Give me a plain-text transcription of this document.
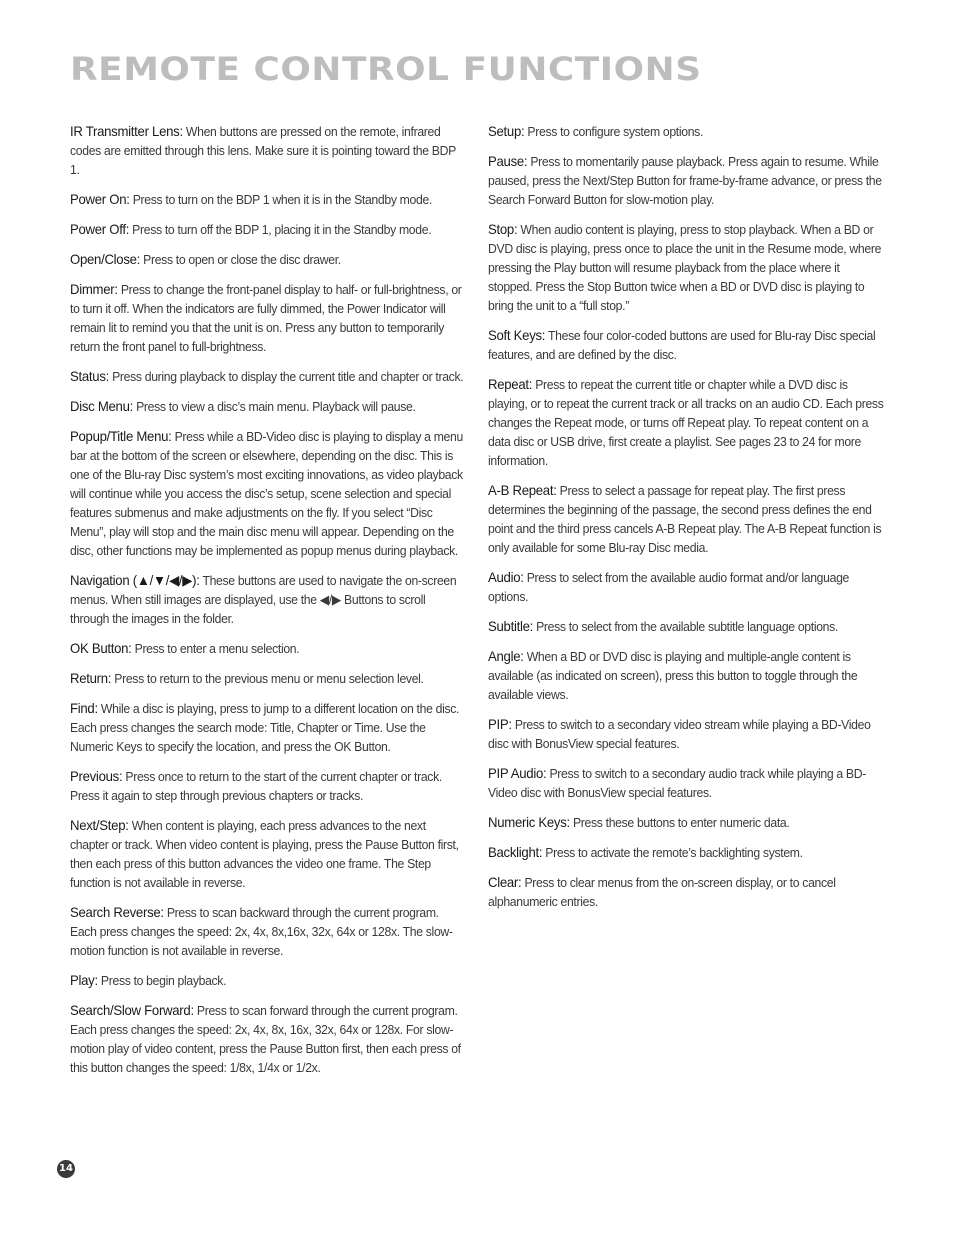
REMOTE CONTROL FUNCTIONS

IR Transmitter Lens: When buttons are pressed on the remote, infrared codes are emitted through this lens. Make sure it is pointing toward the BDP 1.

Power On: Press to turn on the BDP 1 when it is in the Standby mode.

Power Off: Press to turn off the BDP 1, placing it in the Standby mode.

Open/Close: Press to open or close the disc drawer.

Dimmer: Press to change the front-panel display to half- or full-brightness, or to turn it off. When the indicators are fully dimmed, the Power Indicator will remain lit to remind you that the unit is on. Press any button to temporarily return the front panel to full-brightness.

Status: Press during playback to display the current title and chapter or track.

Disc Menu: Press to view a disc’s main menu. Playback will pause.

Popup/Title Menu: Press while a BD-Video disc is playing to display a menu bar at the bottom of the screen or elsewhere, depending on the disc. This is one of the Blu-ray Disc system’s most exciting innovations, as video playback will continue while you access the disc’s setup, scene selection and special features submenus and make adjustments on the fly. If you select “Disc Menu”, play will stop and the main disc menu will appear. Depending on the disc, other functions may be implemented as popup menus during playback.

Navigation (▲/▼/◀/▶): These buttons are used to navigate the on-screen menus. When still images are displayed, use the ◀/▶ Buttons to scroll through the images in the folder.

OK Button: Press to enter a menu selection.

Return: Press to return to the previous menu or menu selection level.

Find: While a disc is playing, press to jump to a different location on the disc. Each press changes the search mode: Title, Chapter or Time. Use the Numeric Keys to specify the location, and press the OK Button.

Previous: Press once to return to the start of the current chapter or track. Press it again to step through previous chapters or tracks.

Next/Step: When content is playing, each press advances to the next chapter or track. When video content is playing, press the Pause Button first, then each press of this button advances the video one frame. The Step function is not available in reverse.

Search Reverse: Press to scan backward through the current program. Each press changes the speed: 2x, 4x, 8x,16x, 32x, 64x or 128x. The slow-motion function is not available in reverse.

Play: Press to begin playback.

Search/Slow Forward: Press to scan forward through the current program. Each press changes the speed: 2x, 4x, 8x, 16x, 32x, 64x or 128x. For slow-motion play of video content, press the Pause Button first, then each press of this button changes the speed: 1/8x, 1/4x or 1/2x.

Setup: Press to configure system options.

Pause: Press to momentarily pause playback. Press again to resume. While paused, press the Next/Step Button for frame-by-frame advance, or press the Search Forward Button for slow-motion play.

Stop: When audio content is playing, press to stop playback. When a BD or DVD disc is playing, press once to place the unit in the Resume mode, where pressing the Play button will resume playback from the place where it stopped. Press the Stop Button twice when a BD or DVD disc is playing to bring the unit to a “full stop.”

Soft Keys: These four color-coded buttons are used for Blu-ray Disc special features, and are defined by the disc.

Repeat: Press to repeat the current title or chapter while a DVD disc is playing, or to repeat the current track or all tracks on an audio CD. Each press changes the Repeat mode, or turns off Repeat play. To repeat content on a data disc or USB drive, first create a playlist. See pages 23 to 24 for more information.

A-B Repeat: Press to select a passage for repeat play. The first press determines the beginning of the passage, the second press defines the end point and the third press cancels A-B Repeat play. The A-B Repeat function is only available for some Blu-ray Disc media.

Audio: Press to select from the available audio format and/or language options.

Subtitle: Press to select from the available subtitle language options.

Angle: When a BD or DVD disc is playing and multiple-angle content is available (as indicated on screen), press this button to toggle through the available views.

PIP: Press to switch to a secondary video stream while playing a BD-Video disc with BonusView special features.

PIP Audio: Press to switch to a secondary audio track while playing a BD-Video disc with BonusView special features.

Numeric Keys: Press these buttons to enter numeric data.

Backlight: Press to activate the remote’s backlighting system.

Clear: Press to clear menus from the on-screen display, or to cancel alphanumeric entries.

14
